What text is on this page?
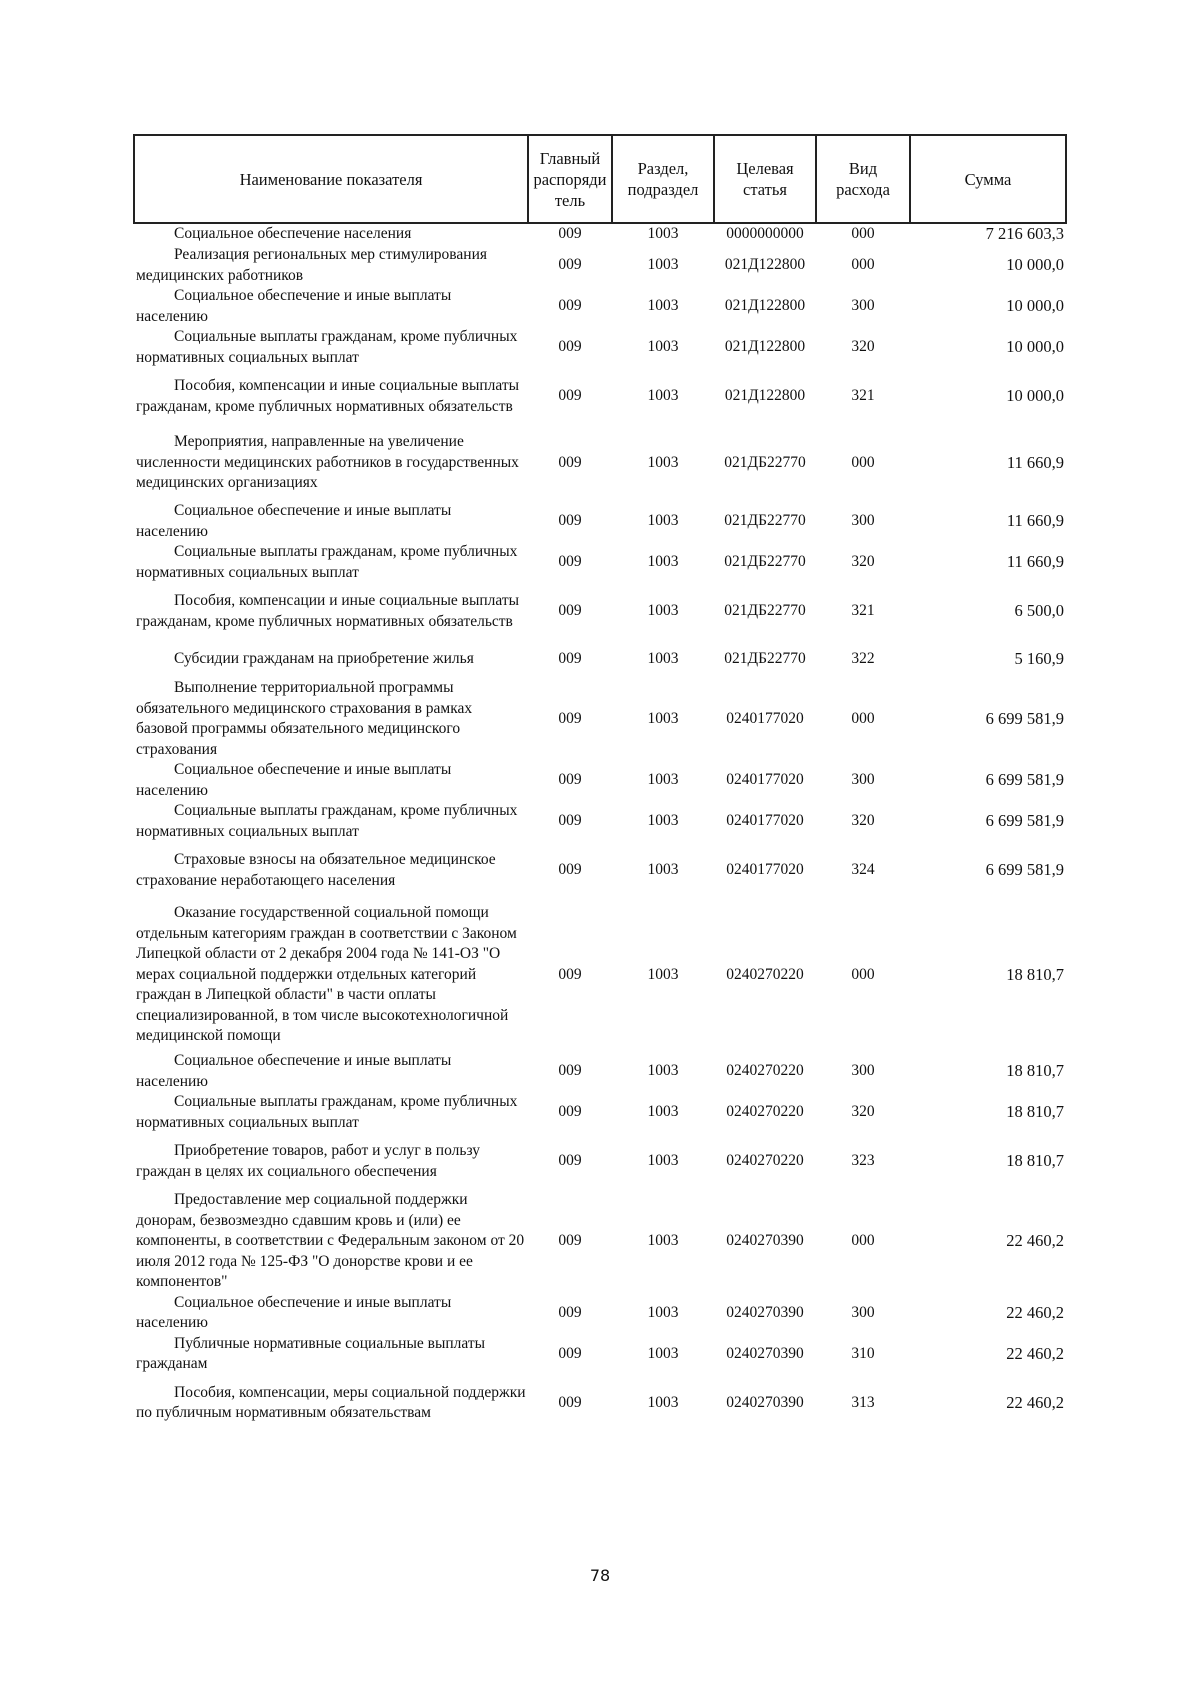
Наименование показателя	Главный распоряди тель	Раздел, подраздел	Целевая статья	Вид расхода	Сумма
Социальное обеспечение населения	009	1003	0000000000	000	7 216 603,3
Реализация региональных мер стимулирования медицинских работников	009	1003	021Д122800	000	10 000,0
Социальное обеспечение и иные выплаты населению	009	1003	021Д122800	300	10 000,0
Социальные выплаты гражданам, кроме публичных нормативных социальных выплат	009	1003	021Д122800	320	10 000,0
Пособия, компенсации и иные социальные выплаты гражданам, кроме публичных нормативных обязательств	009	1003	021Д122800	321	10 000,0
Мероприятия, направленные на увеличение численности медицинских работников в государственных медицинских организациях	009	1003	021ДБ22770	000	11 660,9
Социальное обеспечение и иные выплаты населению	009	1003	021ДБ22770	300	11 660,9
Социальные выплаты гражданам, кроме публичных нормативных социальных выплат	009	1003	021ДБ22770	320	11 660,9
Пособия, компенсации и иные социальные выплаты гражданам, кроме публичных нормативных обязательств	009	1003	021ДБ22770	321	6 500,0
Субсидии гражданам на приобретение жилья	009	1003	021ДБ22770	322	5 160,9
Выполнение территориальной программы обязательного медицинского страхования в рамках базовой программы обязательного медицинского страхования	009	1003	0240177020	000	6 699 581,9
Социальное обеспечение и иные выплаты населению	009	1003	0240177020	300	6 699 581,9
Социальные выплаты гражданам, кроме публичных нормативных социальных выплат	009	1003	0240177020	320	6 699 581,9
Страховые взносы на обязательное медицинское страхование неработающего населения	009	1003	0240177020	324	6 699 581,9
Оказание государственной социальной помощи отдельным категориям граждан в соответствии с Законом Липецкой области от 2 декабря 2004 года № 141-ОЗ "О мерах социальной поддержки отдельных категорий граждан в Липецкой области" в части оплаты специализированной, в том числе высокотехнологичной медицинской помощи	009	1003	0240270220	000	18 810,7
Социальное обеспечение и иные выплаты населению	009	1003	0240270220	300	18 810,7
Социальные выплаты гражданам, кроме публичных нормативных социальных выплат	009	1003	0240270220	320	18 810,7
Приобретение товаров, работ и услуг в пользу граждан в целях их социального обеспечения	009	1003	0240270220	323	18 810,7
Предоставление мер социальной поддержки донорам, безвозмездно сдавшим кровь и (или) ее компоненты, в соответствии с Федеральным законом от 20 июля 2012 года № 125-ФЗ "О донорстве крови и ее компонентов"	009	1003	0240270390	000	22 460,2
Социальное обеспечение и иные выплаты населению	009	1003	0240270390	300	22 460,2
Публичные нормативные социальные выплаты гражданам	009	1003	0240270390	310	22 460,2
Пособия, компенсации, меры социальной поддержки по публичным нормативным обязательствам	009	1003	0240270390	313	22 460,2
78
